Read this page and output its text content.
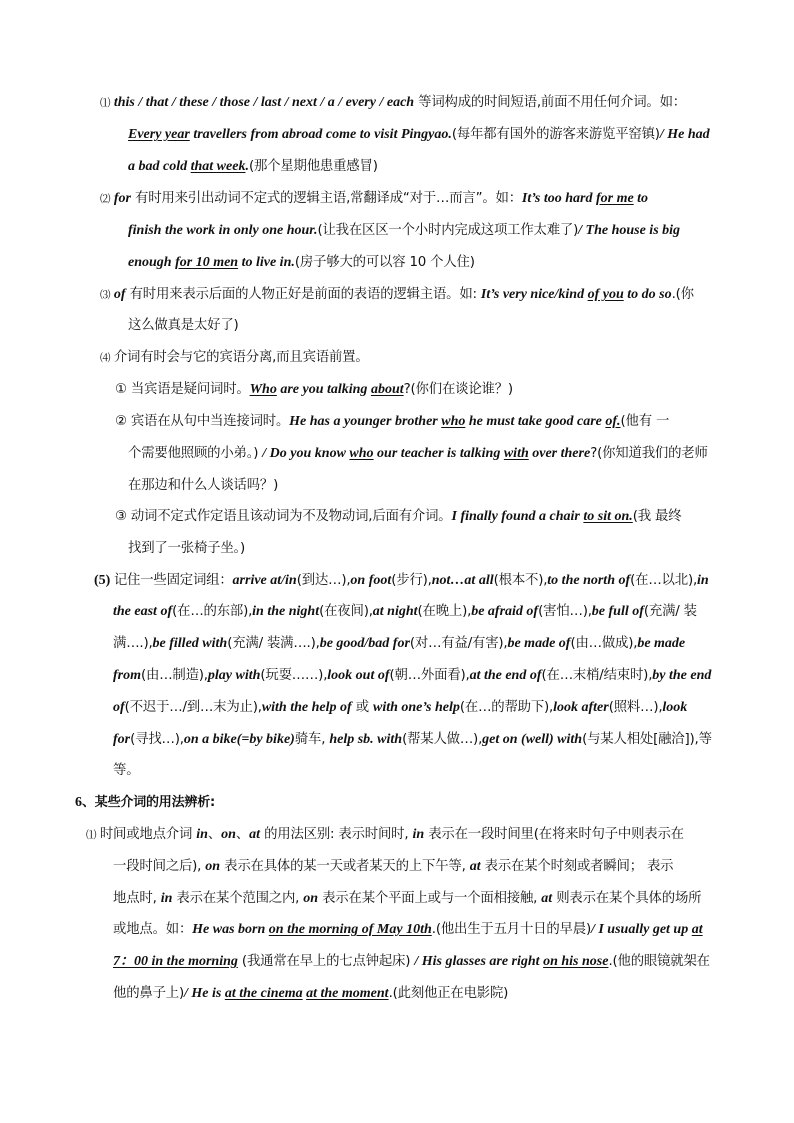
⑴ this / that / these / those / last / next / a / every / each 等词构成的时间短语,前面不用任何介词。如：
Every year travellers from abroad come to visit Pingyao.(每年都有国外的游客来游览平窑镇)/ He had
a bad cold that week.(那个星期他患重感冒)
⑵ for 有时用来引出动词不定式的逻辑主语,常翻译成“对于…而言”。如：It’s too hard for me to
finish the work in only one hour.(让我在区区一个小时内完成这项工作太难了)/ The house is big
enough for 10 men to live in.(房子够大的可以容 10 个人住)
⑶ of 有时用来表示后面的人物正好是前面的表语的逻辑主语。如: It’s very nice/kind of you to do so.(你
这么做真是太好了)
⑷ 介词有时会与它的宾语分离,而且宾语前置。
① 当宾语是疑问词时。Who are you talking about?(你们在谈论谁？)
② 宾语在从句中当连接词时。He has a younger brother who he must take good care of.(他有 一
个需要他照顾的小弟。) / Do you know who our teacher is talking with over there?(你知道我们的老师
在那边和什么人谈话吗？)
③ 动词不定式作定语且该动词为不及物动词,后面有介词。I finally found a chair to sit on.(我 最终
找到了一张椅子坐。)
(5) 记住一些固定词组：arrive at/in(到达…),on foot(步行),not…at all(根本不),to the north of(在…以北),in
the east of(在…的东部),in the night(在夜间),at night(在晚上),be afraid of(害怕…),be full of(充满/ 装
满….),be filled with(充满/ 装满….),be good/bad for(对…有益/有害),be made of(由…做成),be made
from(由…制造),play with(玩耍……),look out of(朝…外面看),at the end of(在…末梢/结束时),by the end
of(不迟于…/到…末为止),with the help of 或 with one’s help(在…的帮助下),look after(照料…),look
for(寻找…),on a bike(=by bike)骑车, help sb. with(帮某人做…),get on (well) with(与某人相处[融洽]),等
等。
6、某些介词的用法辨析:
⑴ 时间或地点介词 in、on、at 的用法区别: 表示时间时, in 表示在一段时间里(在将来时句子中则表示在
一段时间之后), on 表示在具体的某一天或者某天的上下午等, at 表示在某个时刻或者瞬间； 表示
地点时, in 表示在某个范围之内, on 表示在某个平面上或与一个面相接触, at 则表示在某个具体的场所
或地点。如：He was born on the morning of May 10th.(他出生于五月十日的早晨)/ I usually get up at
7：00 in the morning (我通常在早上的七点钟起床) / His glasses are right on his nose.(他的眼镜就架在
他的鼻子上)/ He is at the cinema at the moment.(此刻他正在电影院)
